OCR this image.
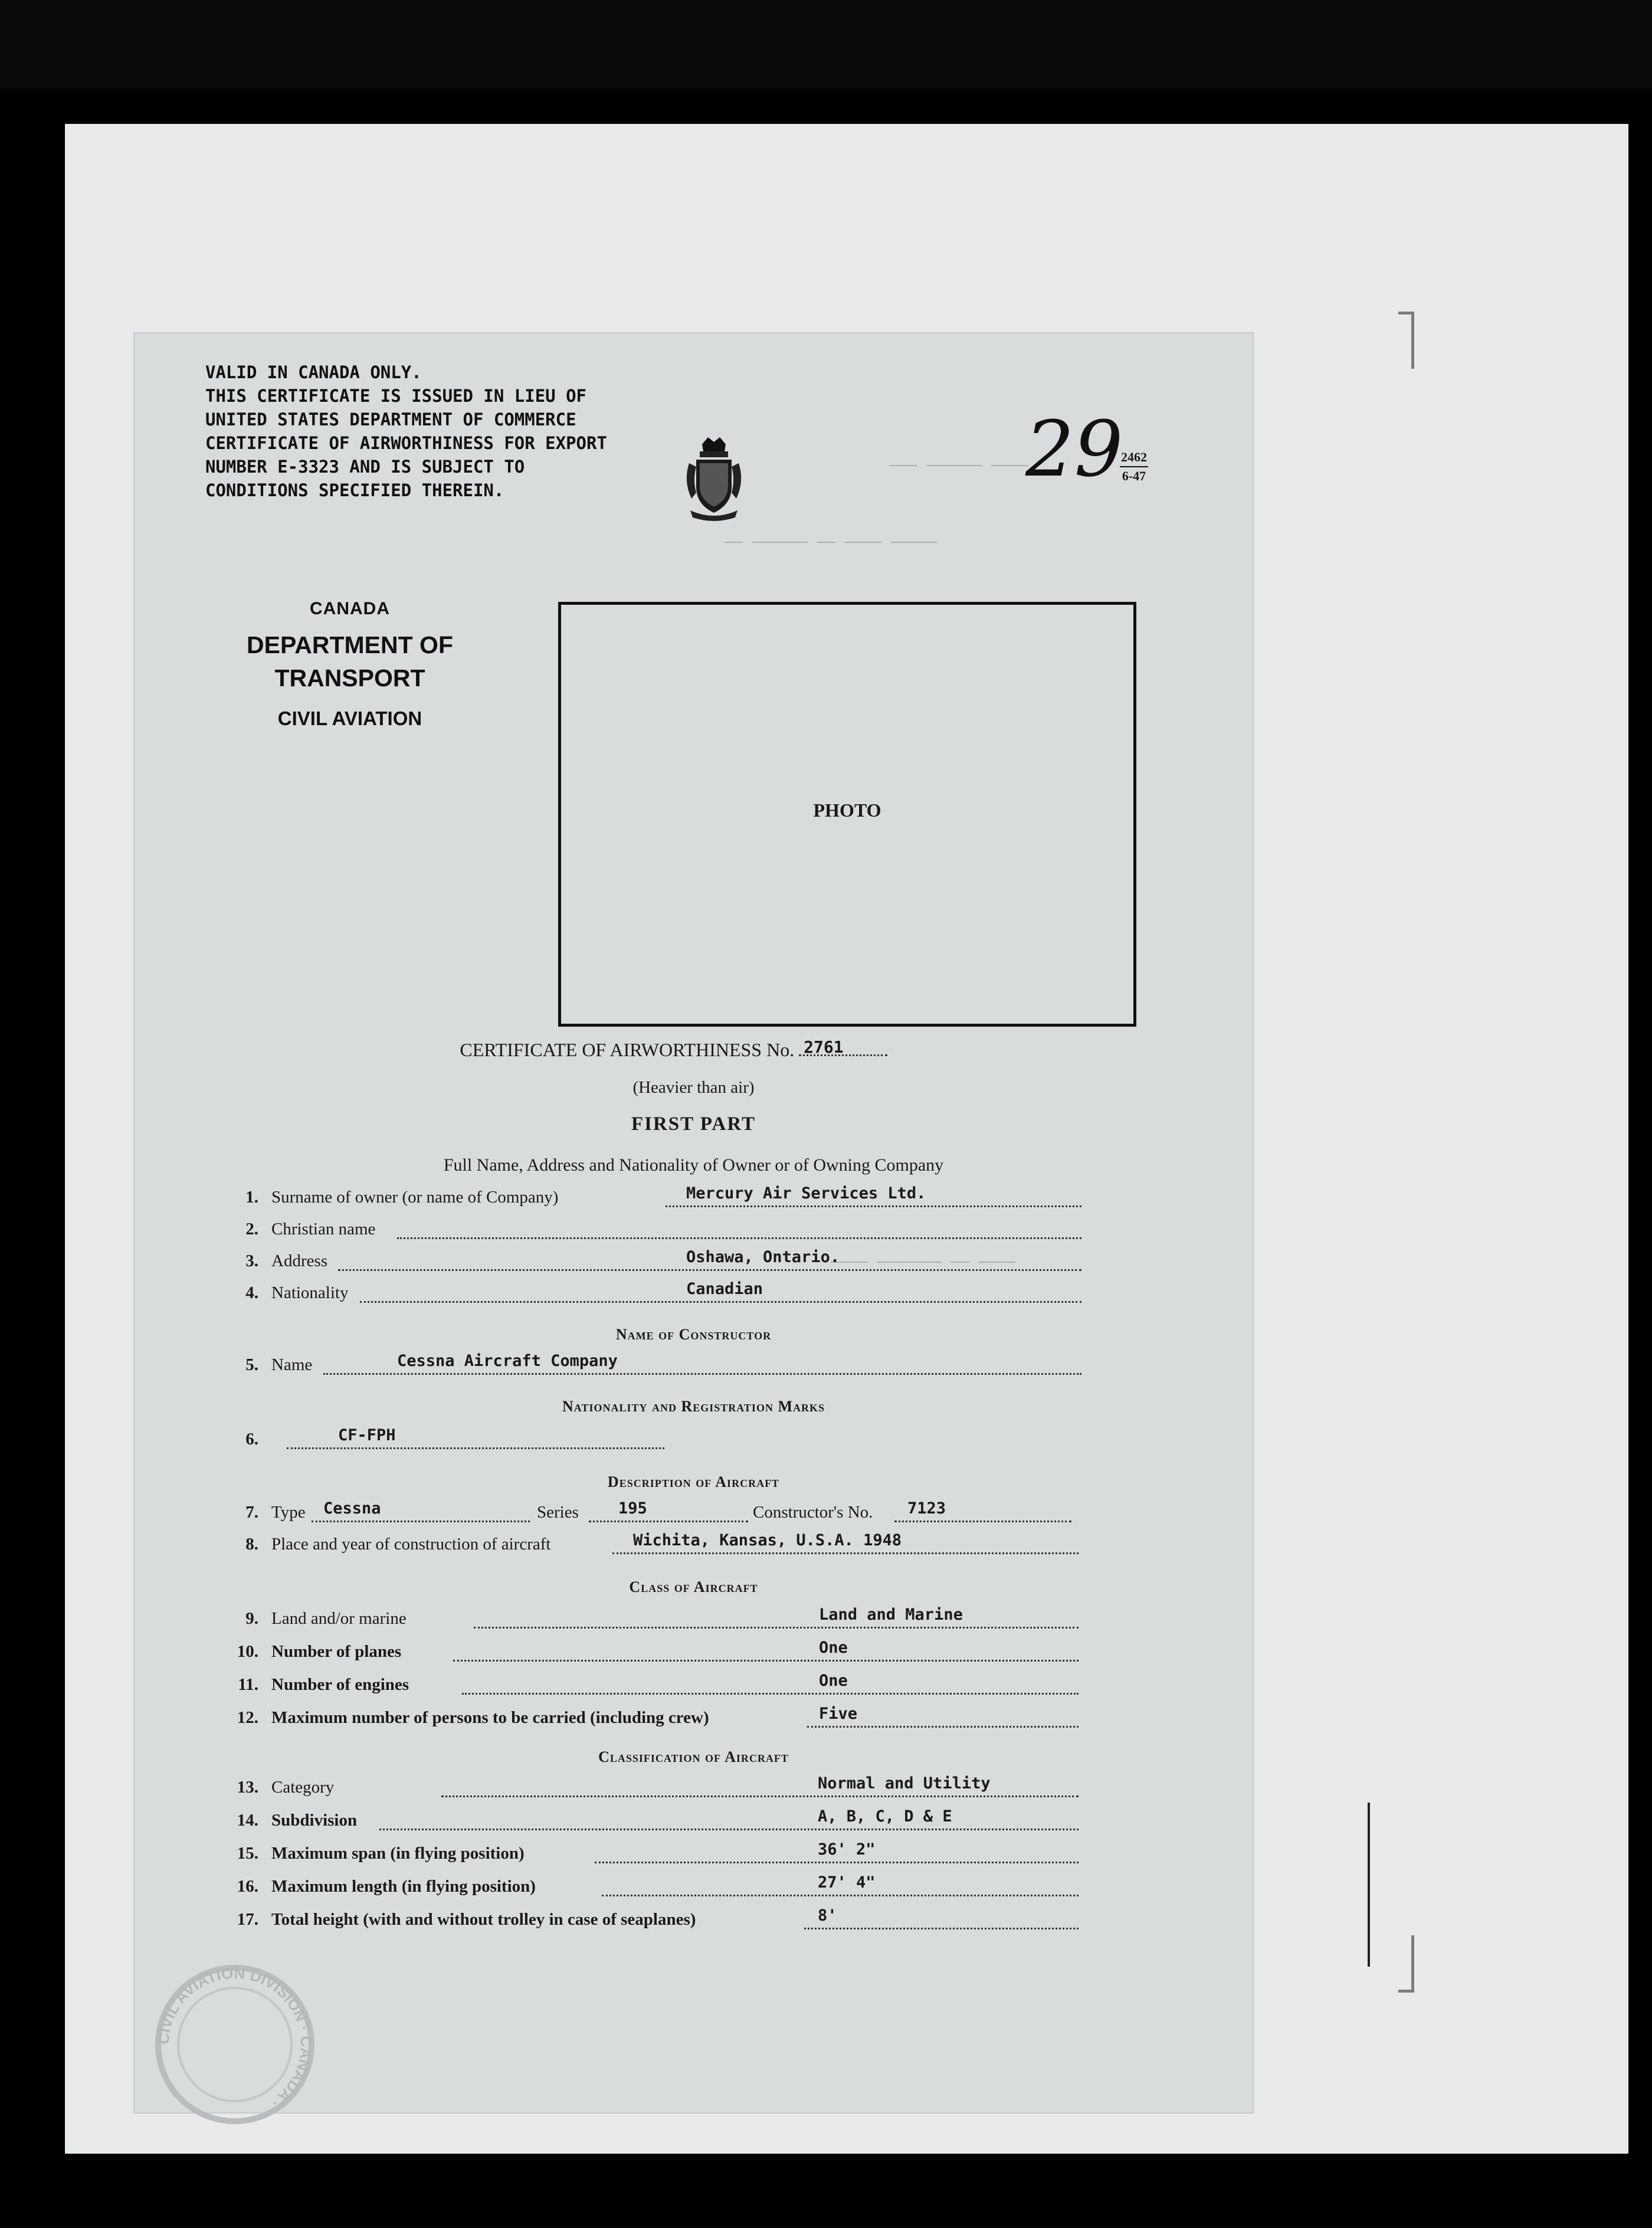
──── ────── ───
───── ──── ── ────── ──
──── ── ─────── ────
VALID IN CANADA ONLY.
THIS CERTIFICATE IS ISSUED IN LIEU OF
UNITED STATES DEPARTMENT OF COMMERCE
CERTIFICATE OF AIRWORTHINESS FOR EXPORT
NUMBER E-3323 AND IS SUBJECT TO
CONDITIONS SPECIFIED THEREIN.	29
2462
6-47
CANADA
DEPARTMENT OF
TRANSPORT
CIVIL AVIATION
PHOTO
CERTIFICATE OF AIRWORTHINESS No. 2761
(Heavier than air)
FIRST PART
Full Name, Address and Nationality of Owner or of Owning Company
1. Surname of owner (or name of Company)	Mercury Air Services Ltd.
2. Christian name
3. Address	Oshawa, Ontario.
4. Nationality	Canadian
Name of Constructor
5. Name	Cessna Aircraft Company
Nationality and Registration Marks
6.	CF-FPH
Description of Aircraft
7. Type Cessna	Series 195	Constructor's No. 7123
8. Place and year of construction of aircraft	Wichita, Kansas, U.S.A. 1948
Class of Aircraft
9. Land and/or marine	Land and Marine
10. Number of planes	One
11. Number of engines	One
12. Maximum number of persons to be carried (including crew)	Five
Classification of Aircraft
13. Category	Normal and Utility
14. Subdivision	A, B, C, D & E
15. Maximum span (in flying position)	36' 2"
16. Maximum length (in flying position)	27' 4"
17. Total height (with and without trolley in case of seaplanes)	8'
CIVIL AVIATION DIVISION · CANADA ·
